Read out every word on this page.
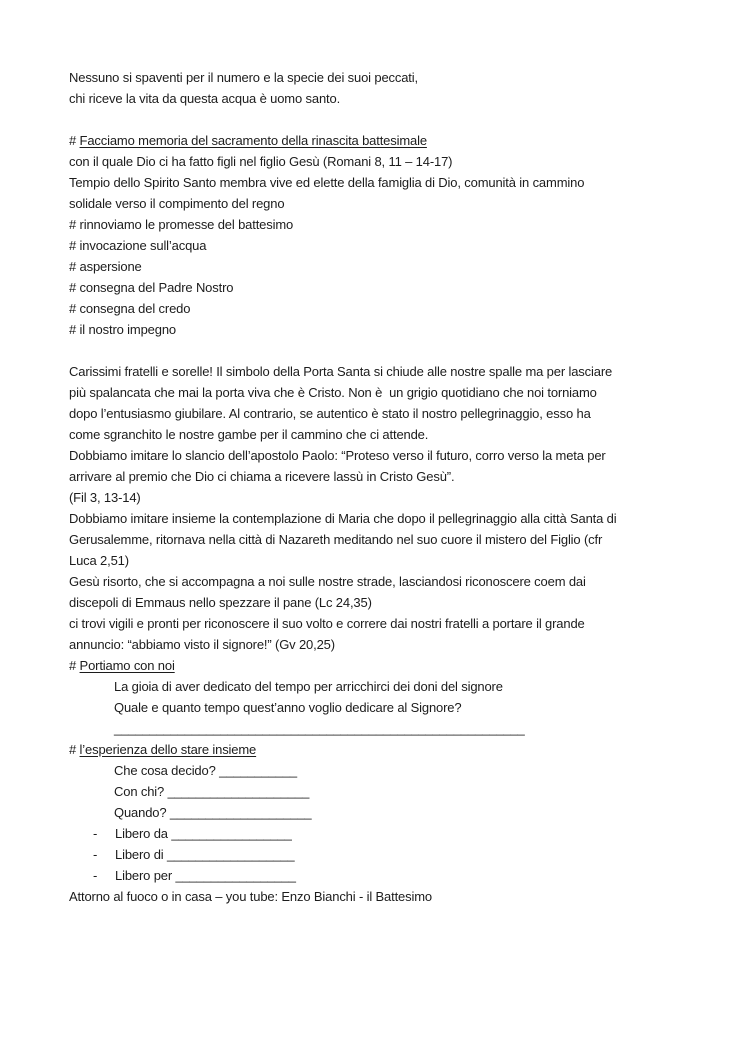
Nessuno si spaventi per il numero e la specie dei suoi peccati,
chi riceve la vita da questa acqua è uomo santo.
# Facciamo memoria del sacramento della rinascita battesimale
con il quale Dio ci ha fatto figli nel figlio Gesù (Romani 8, 11 – 14-17)
Tempio dello Spirito Santo membra vive ed elette della famiglia di Dio, comunità in cammino
solidale verso il compimento del regno
# rinnoviamo le promesse del battesimo
# invocazione sull’acqua
# aspersione
# consegna del Padre Nostro
# consegna del credo
# il nostro impegno
Carissimi fratelli e sorelle! Il simbolo della Porta Santa si chiude alle nostre spalle ma per lasciare
più spalancata che mai la porta viva che è Cristo. Non è  un grigio quotidiano che noi torniamo
dopo l’entusiasmo giubilare. Al contrario, se autentico è stato il nostro pellegrinaggio, esso ha
come sgranchito le nostre gambe per il cammino che ci attende.
Dobbiamo imitare lo slancio dell’apostolo Paolo: “Proteso verso il futuro, corro verso la meta per
arrivare al premio che Dio ci chiama a ricevere lassù in Cristo Gesù”.
(Fil 3, 13-14)
Dobbiamo imitare insieme la contemplazione di Maria che dopo il pellegrinaggio alla città Santa di
Gerusalemme, ritornava nella città di Nazareth meditando nel suo cuore il mistero del Figlio (cfr
Luca 2,51)
Gesù risorto, che si accompagna a noi sulle nostre strade, lasciandosi riconoscere coem dai
discepoli di Emmaus nello spezzare il pane (Lc 24,35)
ci trovi vigili e pronti per riconoscere il suo volto e correre dai nostri fratelli a portare il grande
annuncio: “abbiamo visto il signore!” (Gv 20,25)
# Portiamo con noi
La gioia di aver dedicato del tempo per arricchirci dei doni del signore
Quale e quanto tempo quest’anno voglio dedicare al Signore?
__________________________________________________________
# l’esperienza dello stare insieme
Che cosa decido? ___________
Con chi? ____________________
Quando? ____________________
- Libero da _________________
- Libero di __________________
- Libero per _________________
Attorno al fuoco o in casa – you tube: Enzo Bianchi - il Battesimo
